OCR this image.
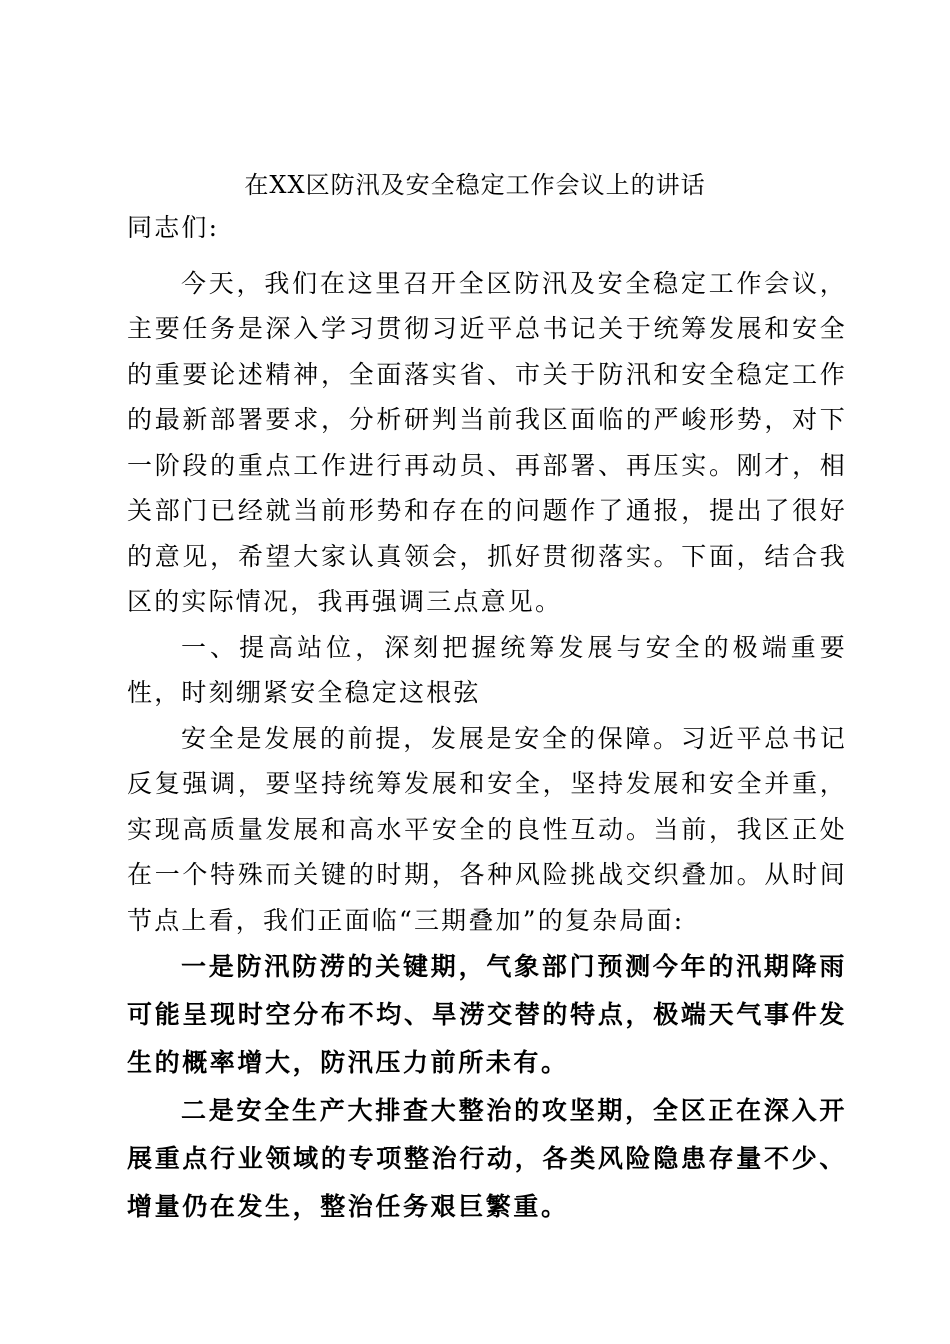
在XX区防汛及安全稳定工作会议上的讲话

同志们:

今天，我们在这里召开全区防汛及安全稳定工作会议，主要任务是深入学习贯彻习近平总书记关于统筹发展和安全的重要论述精神，全面落实省、市关于防汛和安全稳定工作的最新部署要求，分析研判当前我区面临的严峻形势，对下一阶段的重点工作进行再动员、再部署、再压实。刚才，相关部门已经就当前形势和存在的问题作了通报，提出了很好的意见，希望大家认真领会，抓好贯彻落实。下面，结合我区的实际情况，我再强调三点意见。

一、提高站位，深刻把握统筹发展与安全的极端重要性，时刻绷紧安全稳定这根弦

安全是发展的前提，发展是安全的保障。习近平总书记反复强调，要坚持统筹发展和安全，坚持发展和安全并重，实现高质量发展和高水平安全的良性互动。当前，我区正处在一个特殊而关键的时期，各种风险挑战交织叠加。从时间节点上看，我们正面临“三期叠加”的复杂局面:

一是防汛防涝的关键期，气象部门预测今年的汛期降雨可能呈现时空分布不均、旱涝交替的特点，极端天气事件发生的概率增大，防汛压力前所未有。

二是安全生产大排查大整治的攻坚期，全区正在深入开展重点行业领域的专项整治行动，各类风险隐患存量不少、增量仍在发生，整治任务艰巨繁重。
